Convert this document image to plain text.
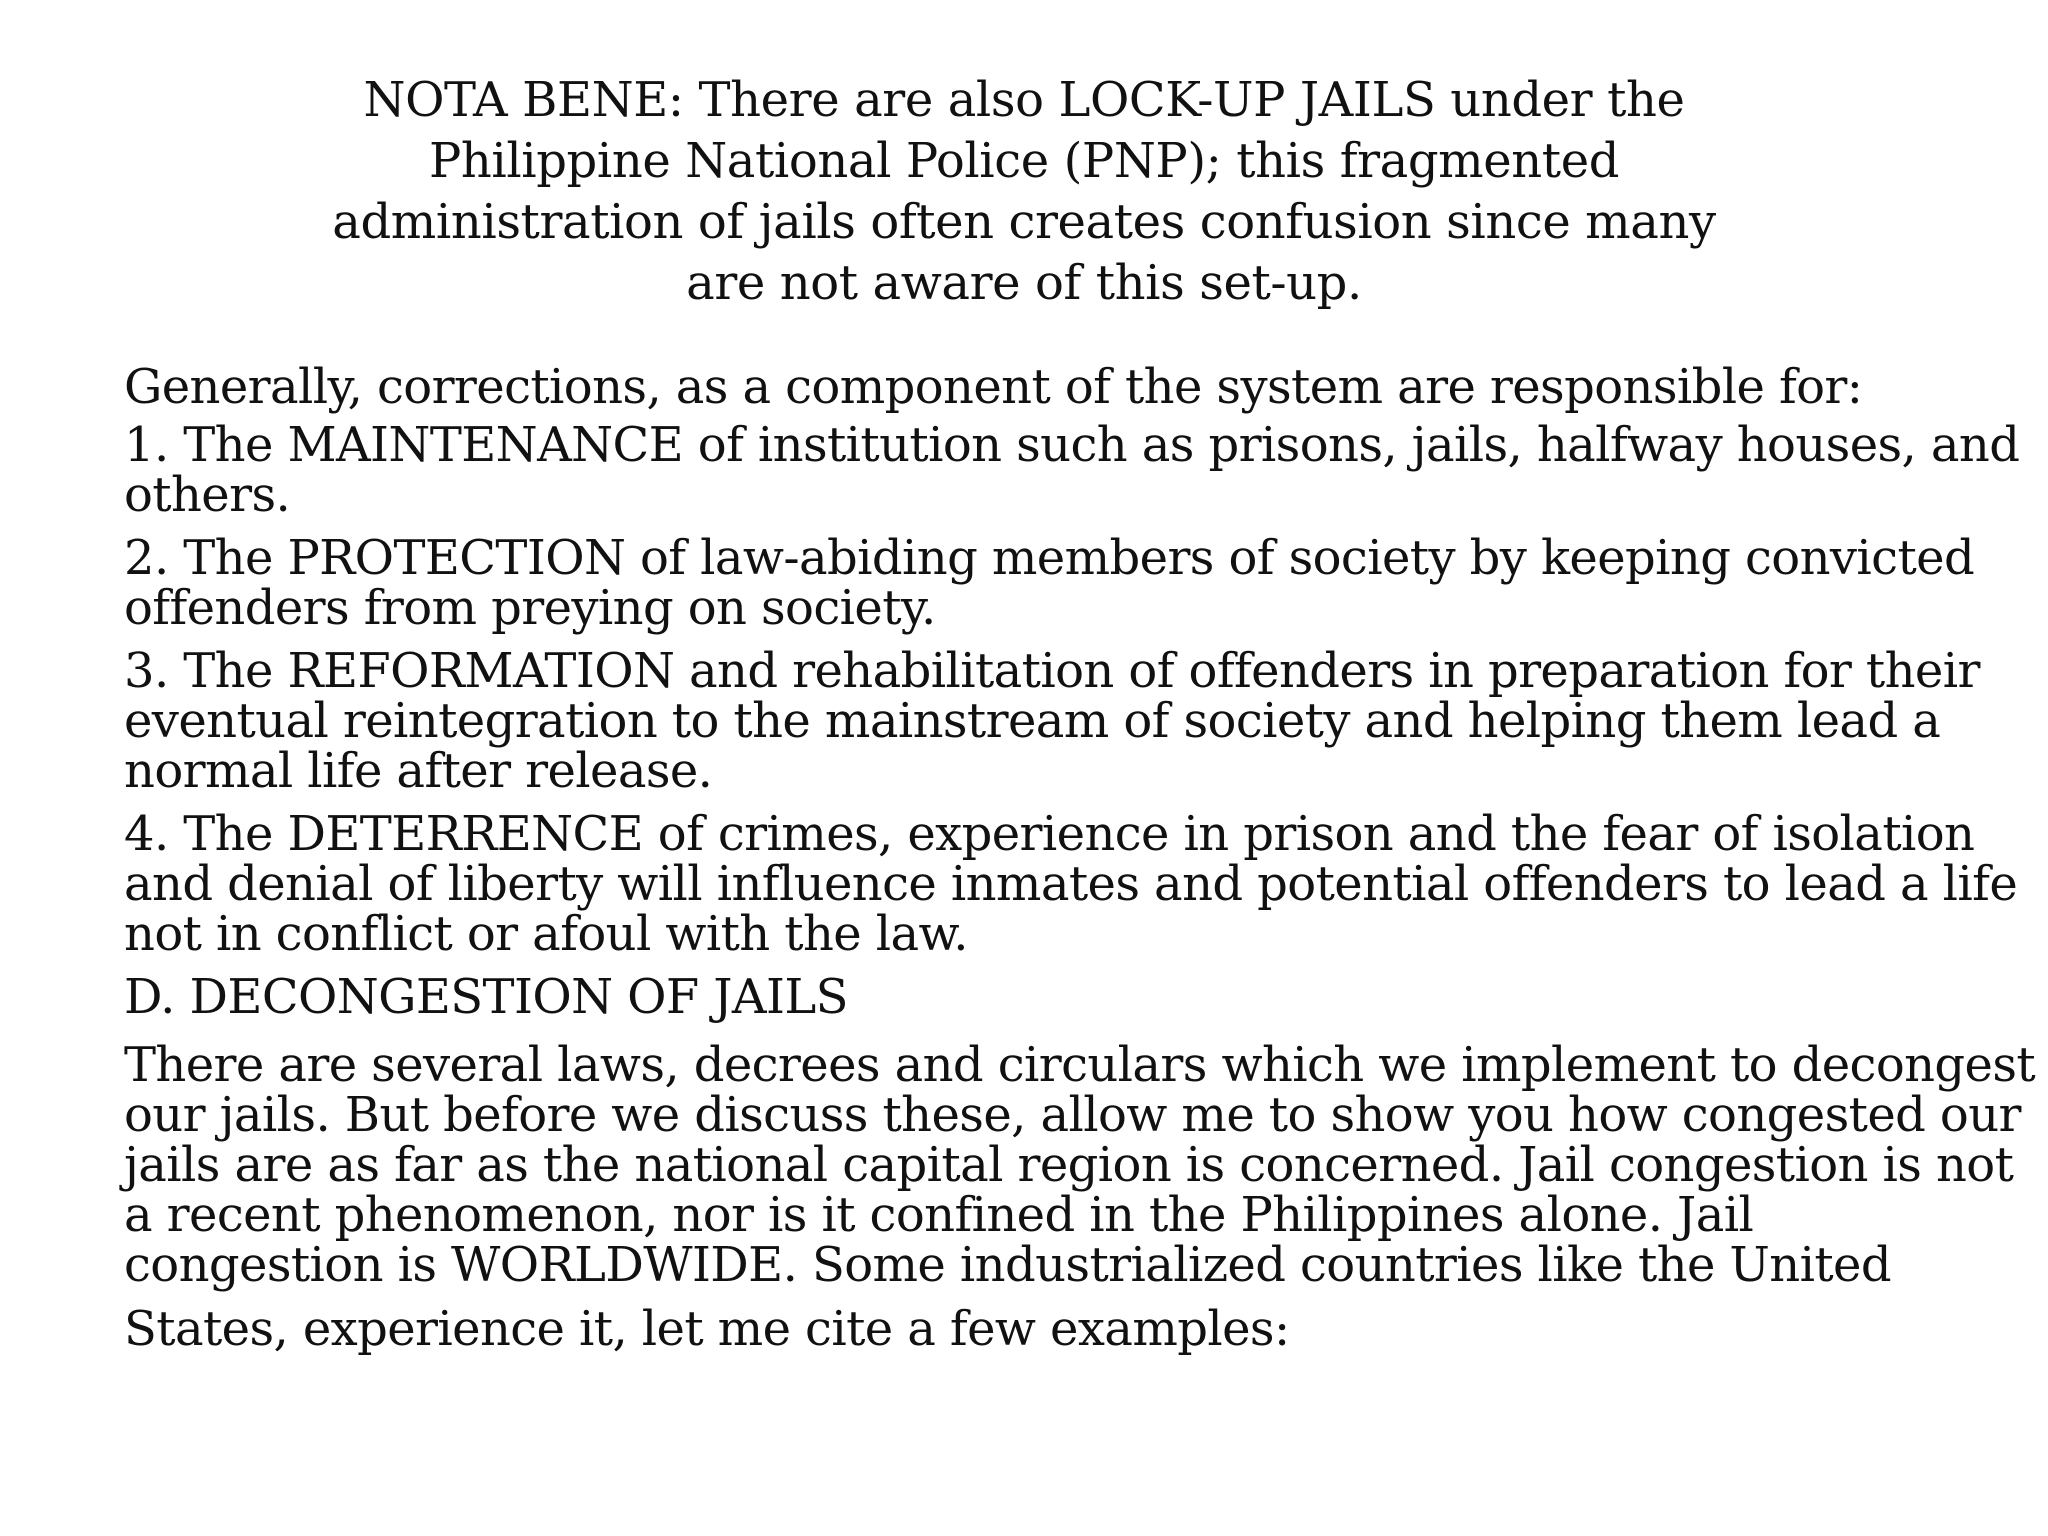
NOTA BENE: There are also LOCK-UP JAILS under the
Philippine National Police (PNP); this fragmented
administration of jails often creates confusion since many
are not aware of this set-up.

Generally, corrections, as a component of the system are responsible for:

1. The MAINTENANCE of institution such as prisons, jails, halfway houses, and
others.

2. The PROTECTION of law-abiding members of society by keeping convicted
offenders from preying on society.

3. The REFORMATION and rehabilitation of offenders in preparation for their
eventual reintegration to the mainstream of society and helping them lead a
normal life after release.

4. The DETERRENCE of crimes, experience in prison and the fear of isolation
and denial of liberty will influence inmates and potential offenders to lead a life
not in conflict or afoul with the law.

D. DECONGESTION OF JAILS

There are several laws, decrees and circulars which we implement to decongest
our jails. But before we discuss these, allow me to show you how congested our
jails are as far as the national capital region is concerned. Jail congestion is not
a recent phenomenon, nor is it confined in the Philippines alone. Jail
congestion is WORLDWIDE. Some industrialized countries like the United
States, experience it, let me cite a few examples:
